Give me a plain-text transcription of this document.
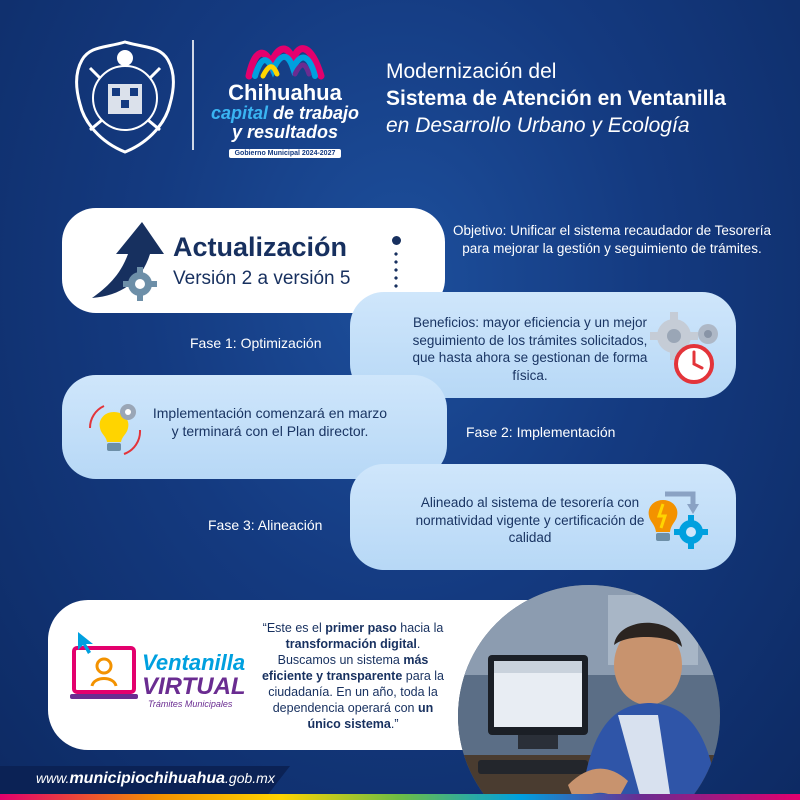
Chihuahua
capital de trabajo
y resultados
Gobierno Municipal 2024-2027
Modernización del
Sistema de Atención en Ventanilla
en Desarrollo Urbano y Ecología
Actualización
Versión 2 a versión 5
Objetivo: Unificar el sistema recaudador de Tesorería para mejorar la gestión y seguimiento de trámites.
Beneficios: mayor eficiencia y un mejor seguimiento de los trámites solicitados, que hasta ahora se gestionan de forma física.
Fase 1: Optimización
Implementación comenzará en marzo y terminará con el Plan director.	Fase 2: Implementación
Alineado al sistema de tesorería con normatividad vigente y certificación de calidad
Fase 3: Alineación
Ventanilla
VIRTUAL
Trámites Municipales
“Este es el primer paso hacia la transformación digital. Buscamos un sistema más eficiente y transparente para la ciudadanía. En un año, toda la dependencia operará con un único sistema.”
www.municipiochihuahua.gob.mx
